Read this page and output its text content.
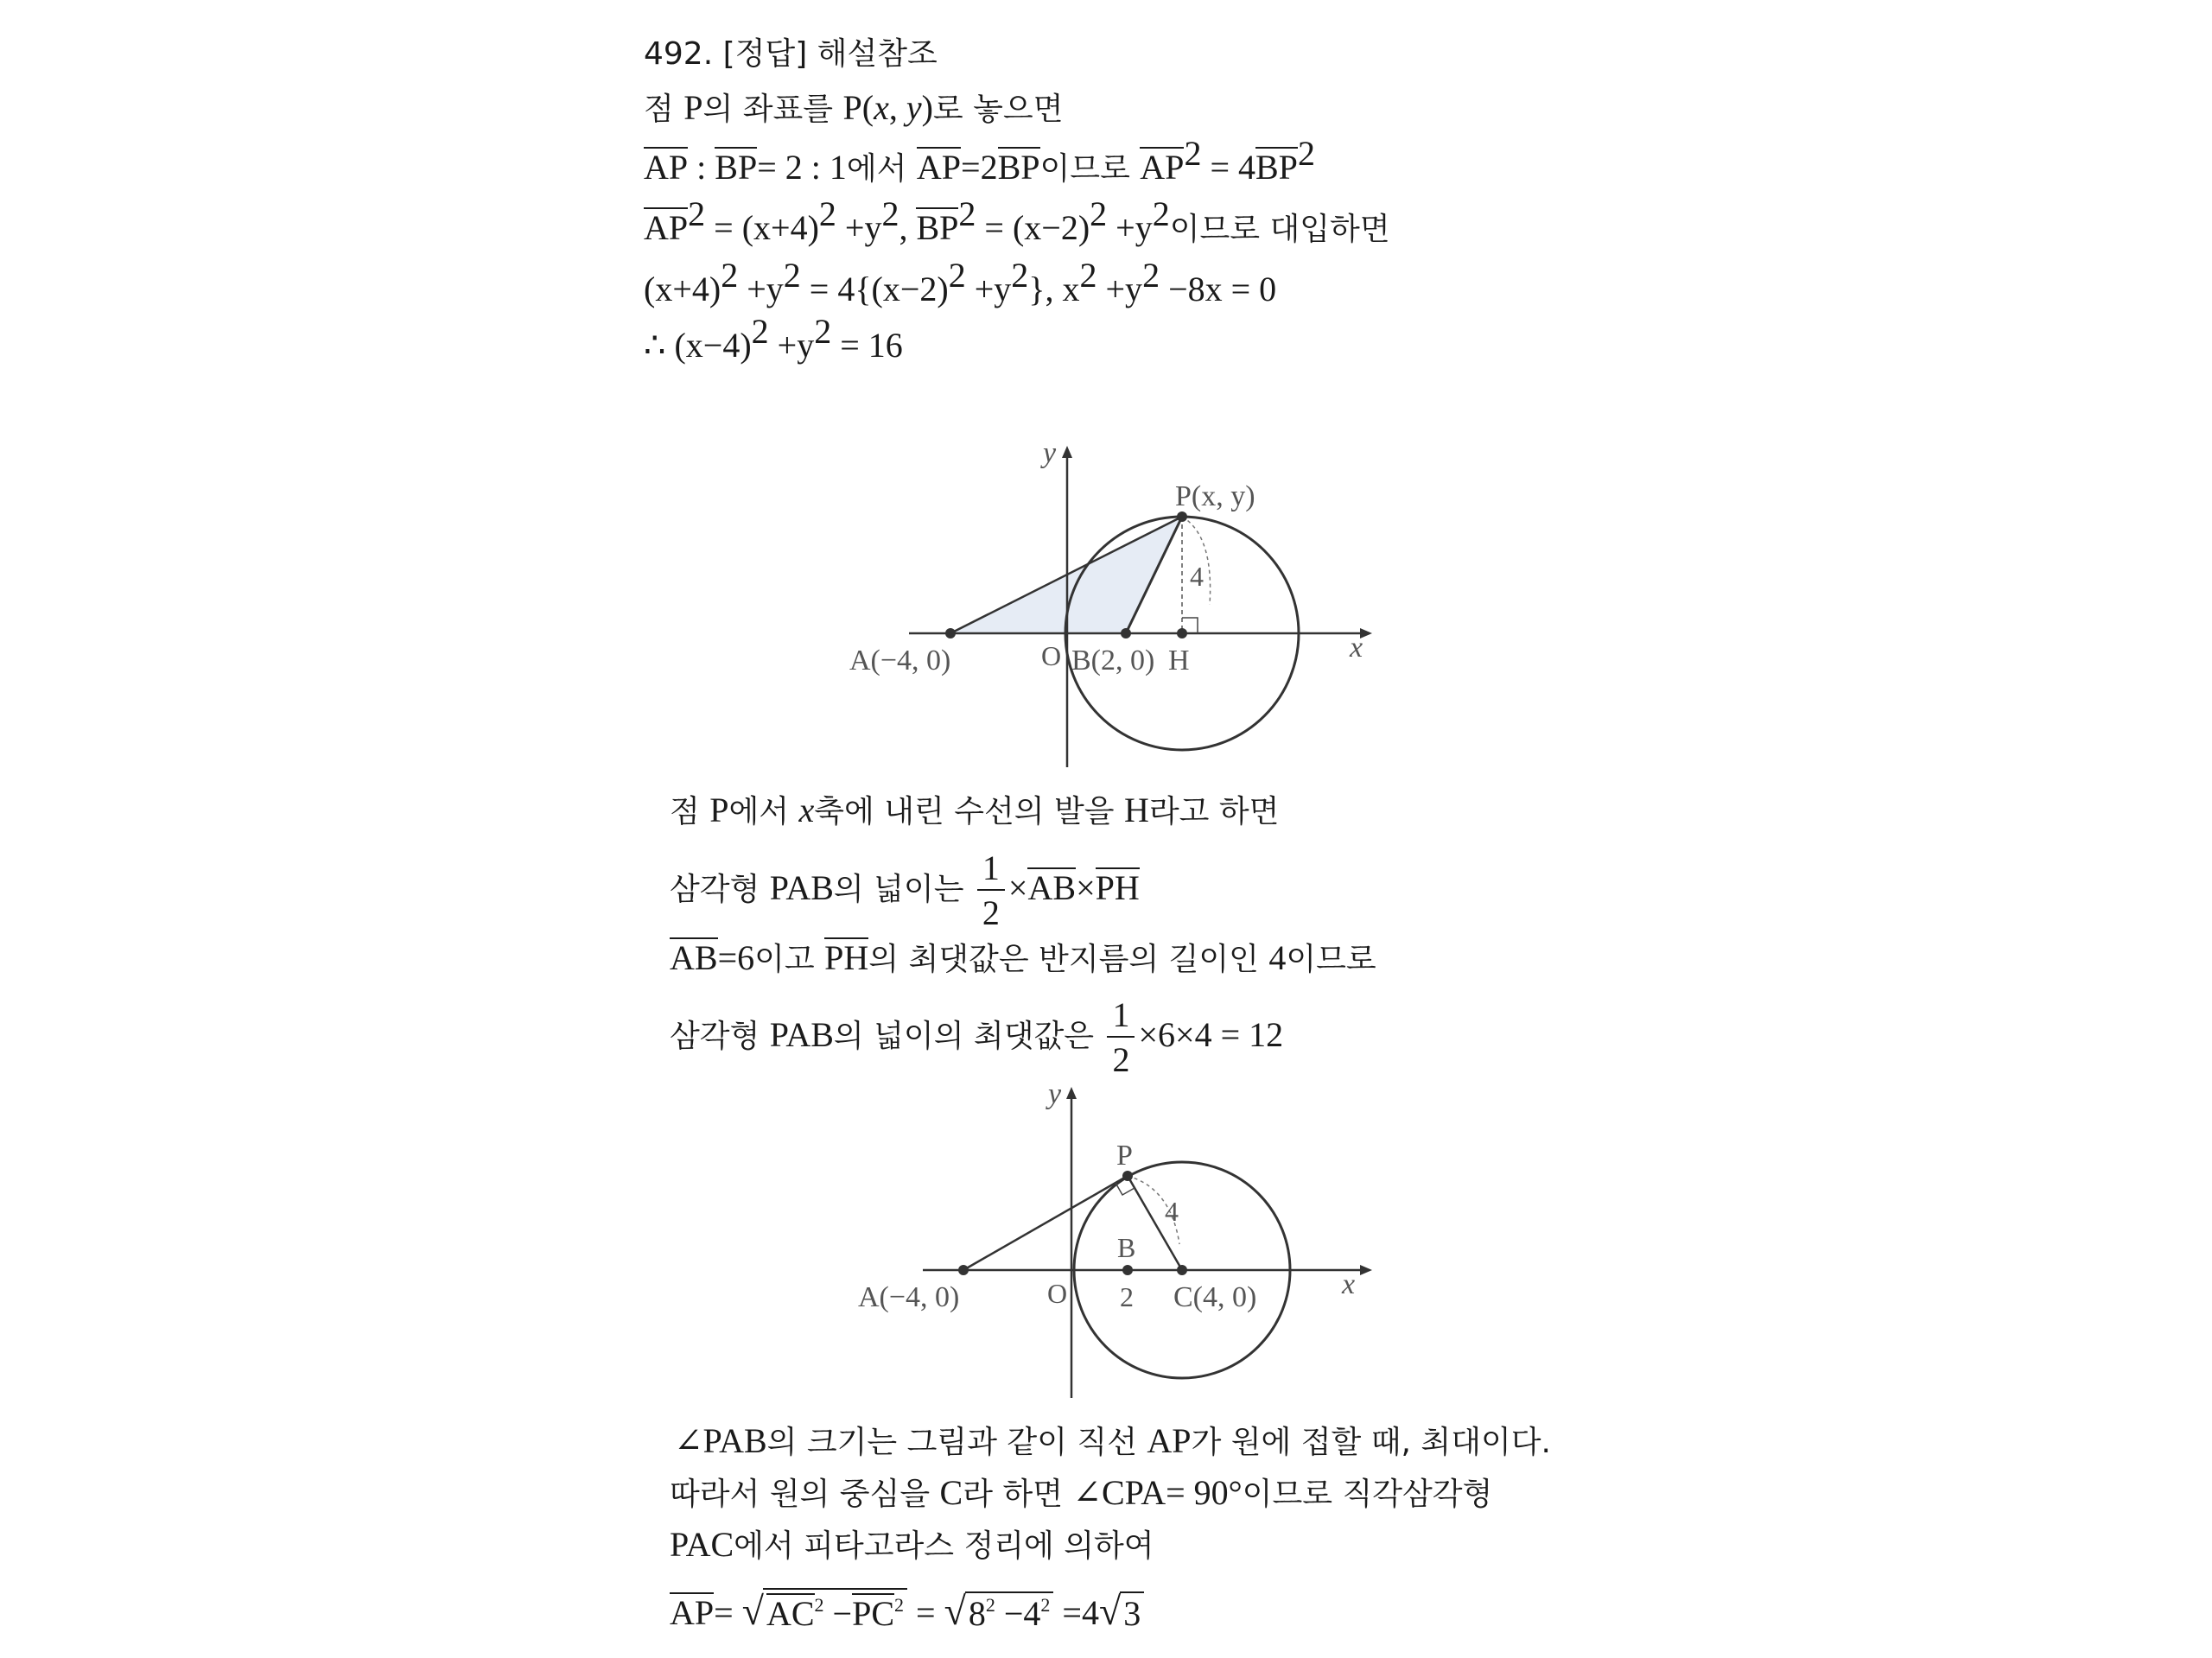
492. [정답] 해설참조
점 P의 좌표를 P(x, y)로 놓으면
AP : BP= 2 : 1에서 AP=2BP이므로 $AP^2 = 4BP^2$
$AP^2 = (x+4)^2 +y^2$, $BP^2 = (x-2)^2 +y^2$이므로 대입하면
$(x+4)^2 +y^2 = 4\{(x-2)^2 +y^2\}$, $x^2 +y^2 -8x = 0$
∴ $(x-4)^2 +y^2 = 16$
y
x
P(x, y)
A(−4, 0)	O B(2, 0) H
4
점 P에서 x축에 내린 수선의 발을 H라고 하면
삼각형 PAB의 넓이는 $\frac{1}{2} \times AB\times PH$
AB=6이고 PH의 최댓값은 반지름의 길이인 4이므로
삼각형 PAB의 넓이의 최댓값은 $\frac{1}{2} \times 6\times 4 = 12$
y
x
P
A(−4, 0)	O
B
2 C(4, 0)
4
∠PAB의 크기는 그림과 같이 직선 AP가 원에 접할 때, 최대이다.
따라서 원의 중심을 C라 하면 ∠CPA= 90°이므로 직각삼각형
PAC에서 피타고라스 정리에 의하여
AP= √ $AC^2 -PC^2$ = √ $8^2 -4^2 =4$ √ 3
